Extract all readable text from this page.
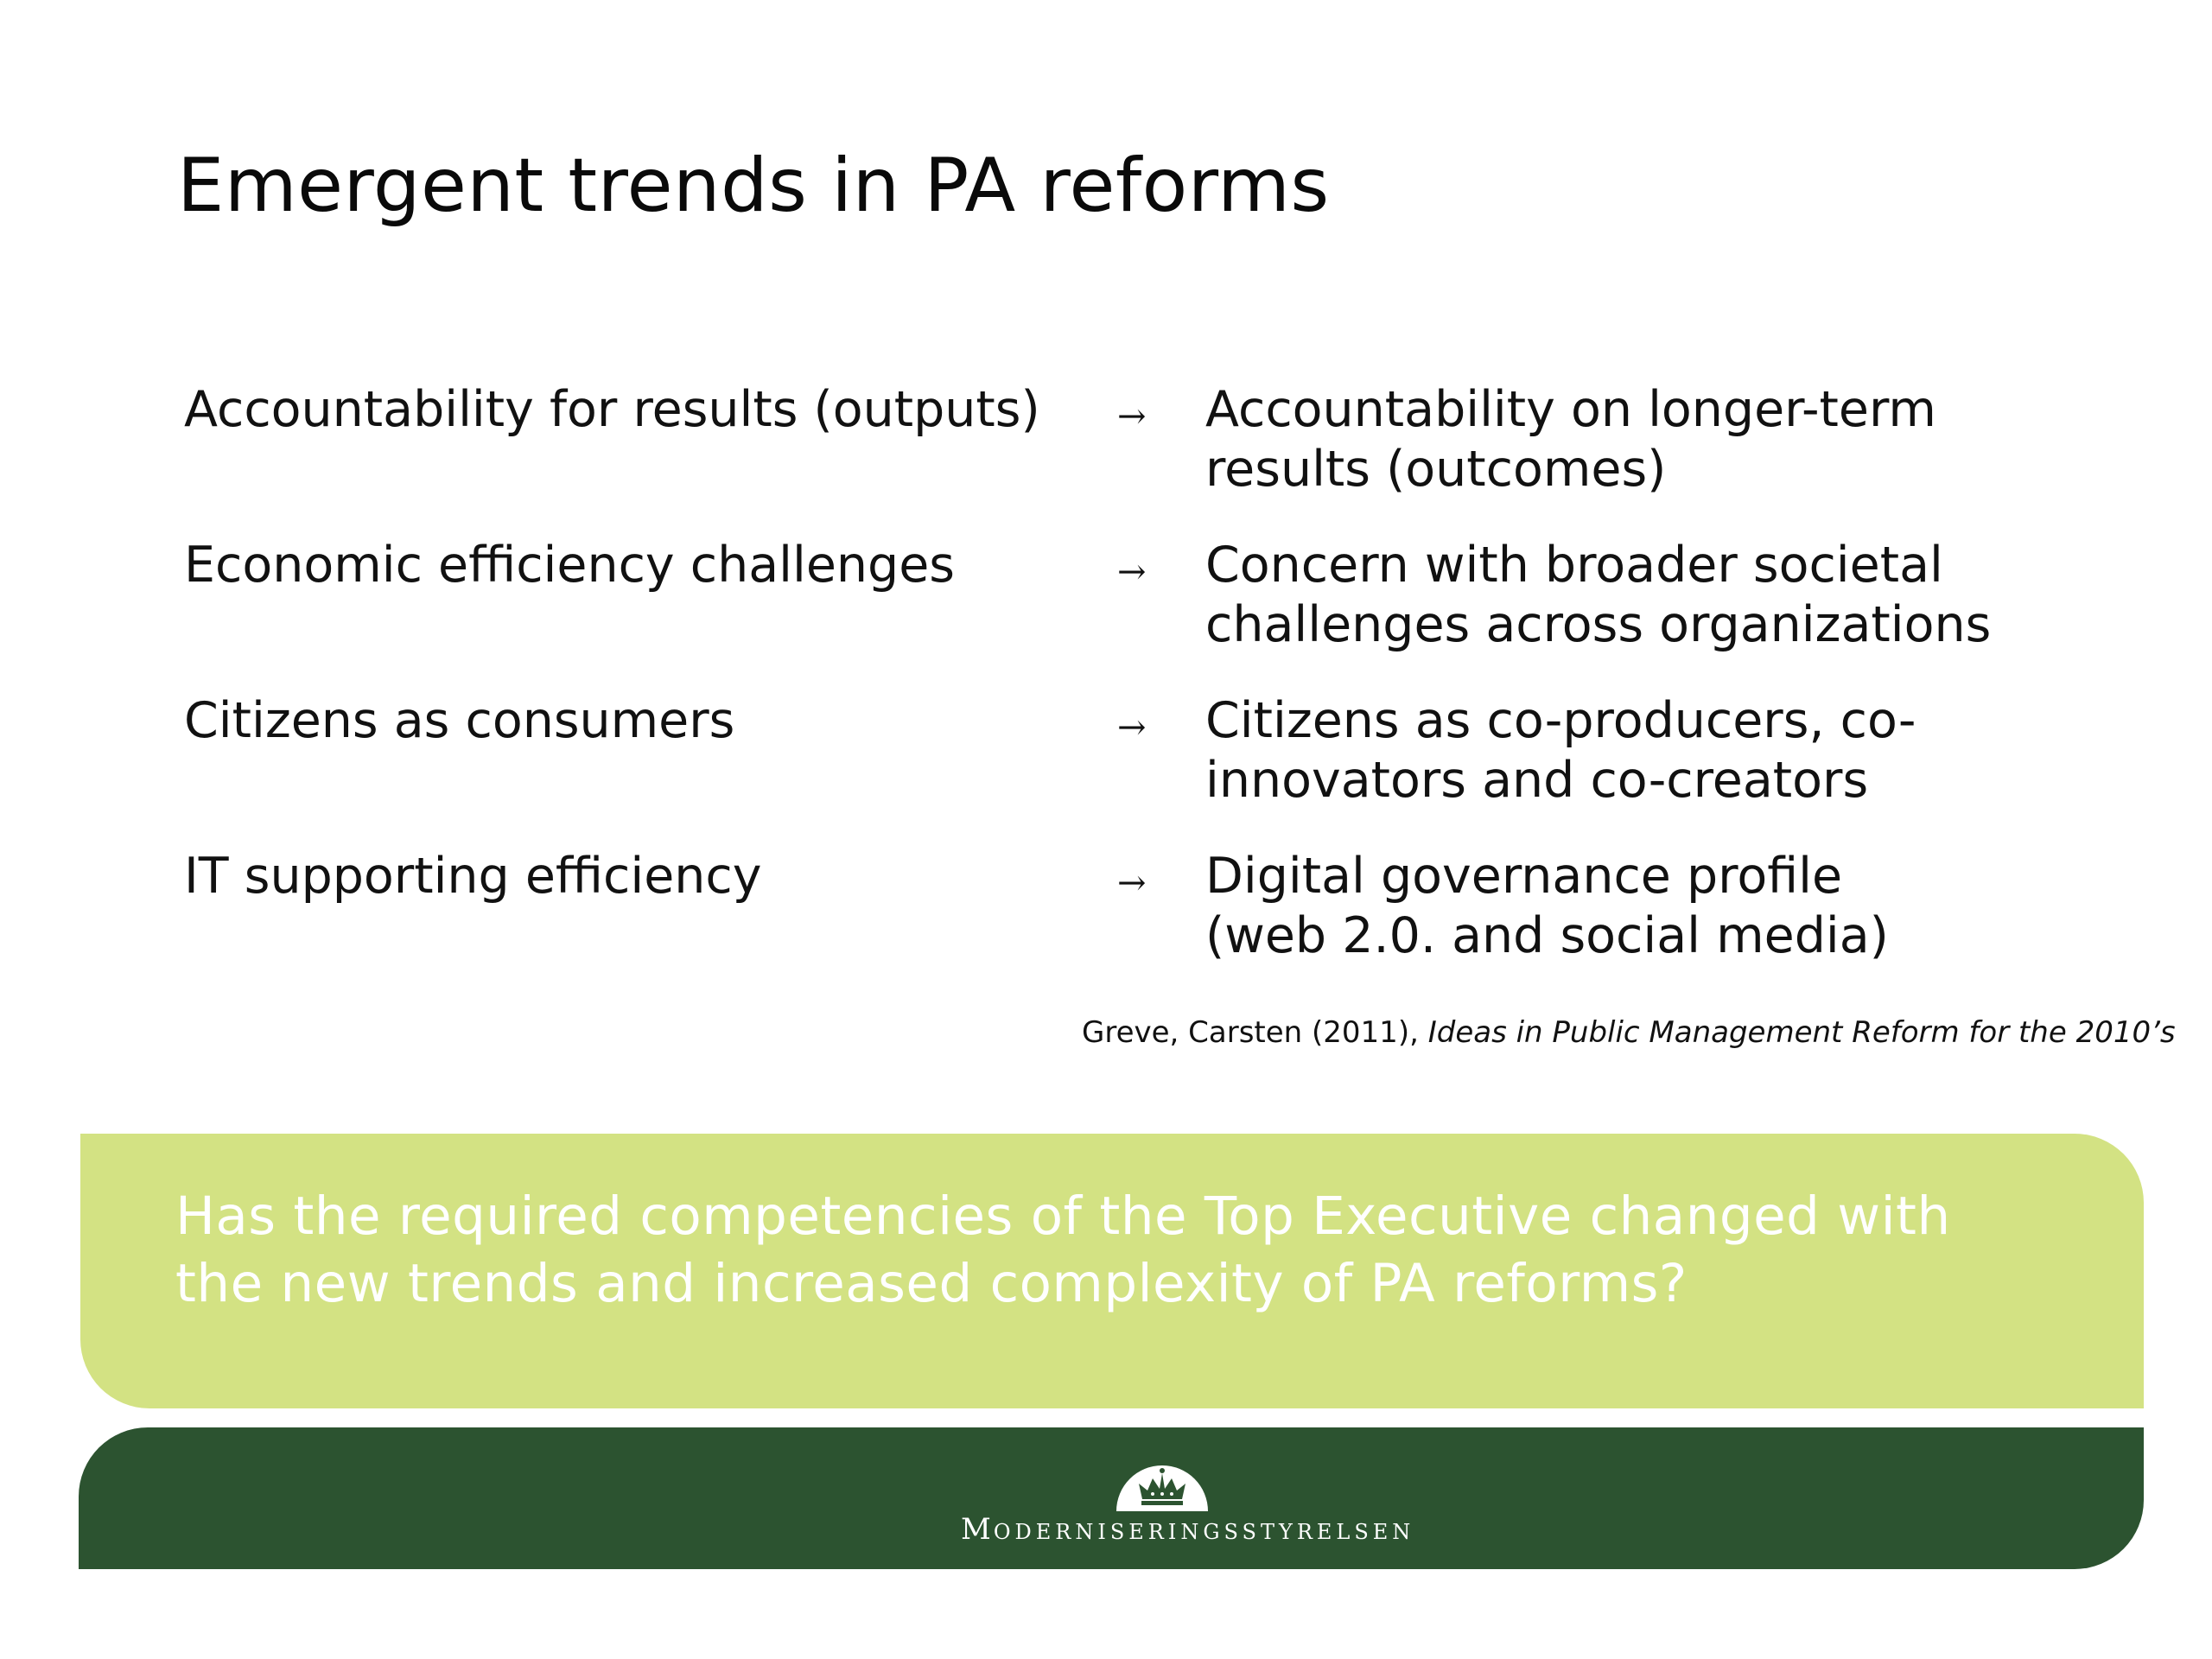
Emergent trends in PA reforms
Accountability for results (outputs) → Accountability on longer-term
results (outcomes)
Economic efficiency challenges	→ Concern with broader societal
challenges across organizations
Citizens as consumers	→ Citizens as co-producers, co-
innovators and co-creators
IT supporting efficiency	→ Digital governance profile
(web 2.0. and social media)
Greve, Carsten (2011), Ideas in Public Management Reform for the 2010’s

Has the required competencies of the Top Executive changed with
the new trends and increased complexity of PA reforms?

MODERNISERINGSSTYRELSEN
